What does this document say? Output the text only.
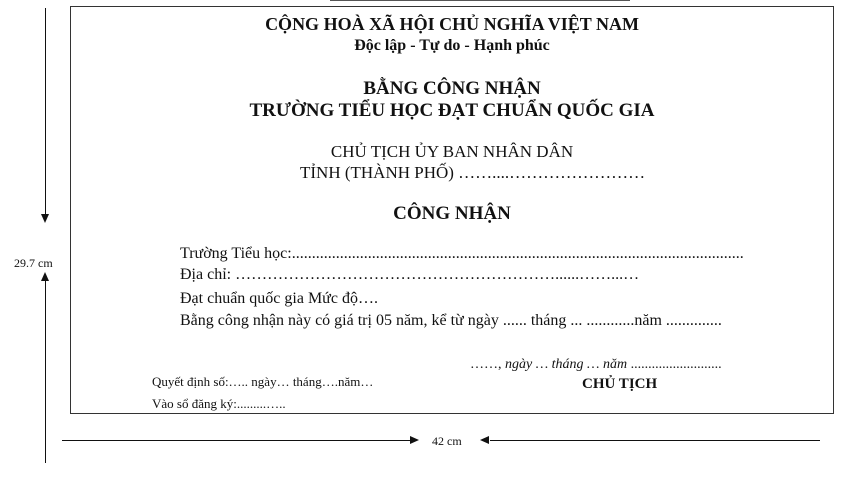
CỘNG HOÀ XÃ HỘI CHỦ NGHĨA VIỆT NAM
Độc lập - Tự do - Hạnh phúc
BẰNG CÔNG NHẬN
TRƯỜNG TIỂU HỌC ĐẠT CHUẨN QUỐC GIA
CHỦ TỊCH ỦY BAN NHÂN DÂN
TỈNH (THÀNH PHỐ) ……....……………………
CÔNG NHẬN
Trường Tiểu học:.................................................................................................................
Địa chỉ: ……………………………………………………......……...…
Đạt chuẩn quốc gia Mức độ….
Bằng công nhận này có giá trị 05 năm, kể từ ngày ...... tháng ... ............năm ..............
……, ngày … tháng … năm ..........................
CHỦ TỊCH
Quyết định số:….. ngày… tháng….năm…
Vào sổ đăng ký:.........…..
29.7 cm
42 cm
